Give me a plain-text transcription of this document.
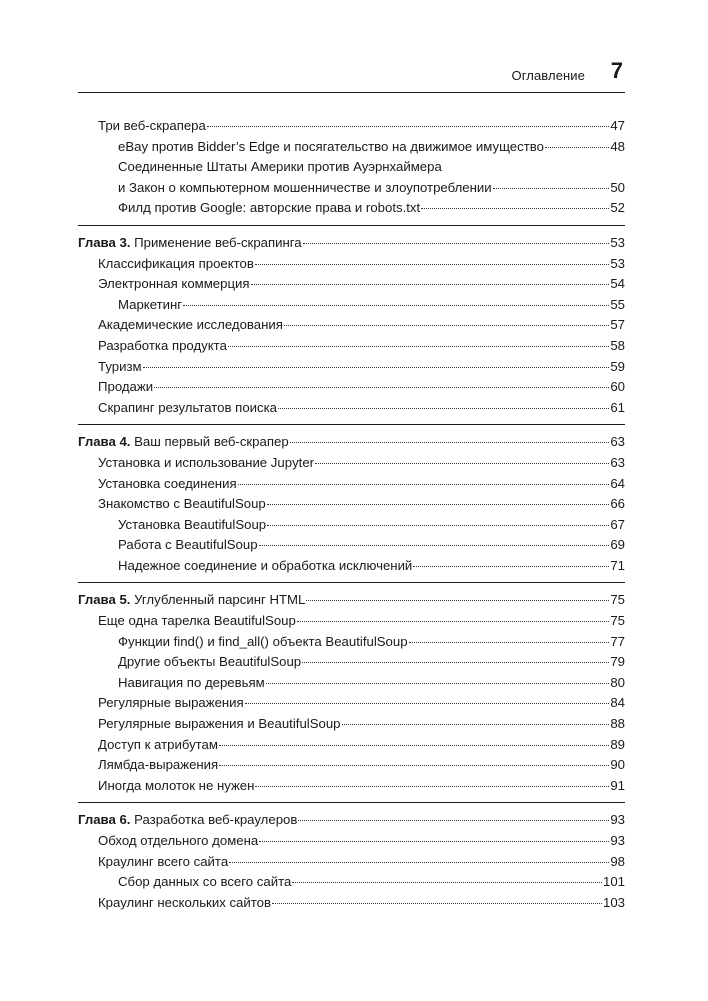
Оглавление 7
Три веб-скрапера	47
eBay против Bidder’s Edge и посягательство на движимое имущество	48
Соединенные Штаты Америки против Ауэрнхаймера
и Закон о компьютерном мошенничестве и злоупотреблении	50
Филд против Google: авторские права и robots.txt	52
Глава 3. Применение веб-скрапинга	53
Классификация проектов	53
Электронная коммерция	54
Маркетинг	55
Академические исследования	57
Разработка продукта	58
Туризм	59
Продажи	60
Скрапинг результатов поиска	61
Глава 4. Ваш первый веб-скрапер	63
Установка и использование Jupyter	63
Установка соединения	64
Знакомство с BeautifulSoup	66
Установка BeautifulSoup	67
Работа с BeautifulSoup	69
Надежное соединение и обработка исключений	71
Глава 5. Углубленный парсинг HTML	75
Еще одна тарелка BeautifulSoup	75
Функции find() и find_all() объекта BeautifulSoup	77
Другие объекты BeautifulSoup	79
Навигация по деревьям	80
Регулярные выражения	84
Регулярные выражения и BeautifulSoup	88
Доступ к атрибутам	89
Лямбда-выражения	90
Иногда молоток не нужен	91
Глава 6. Разработка веб-краулеров	93
Обход отдельного домена	93
Краулинг всего сайта	98
Сбор данных со всего сайта	101
Краулинг нескольких сайтов	103
